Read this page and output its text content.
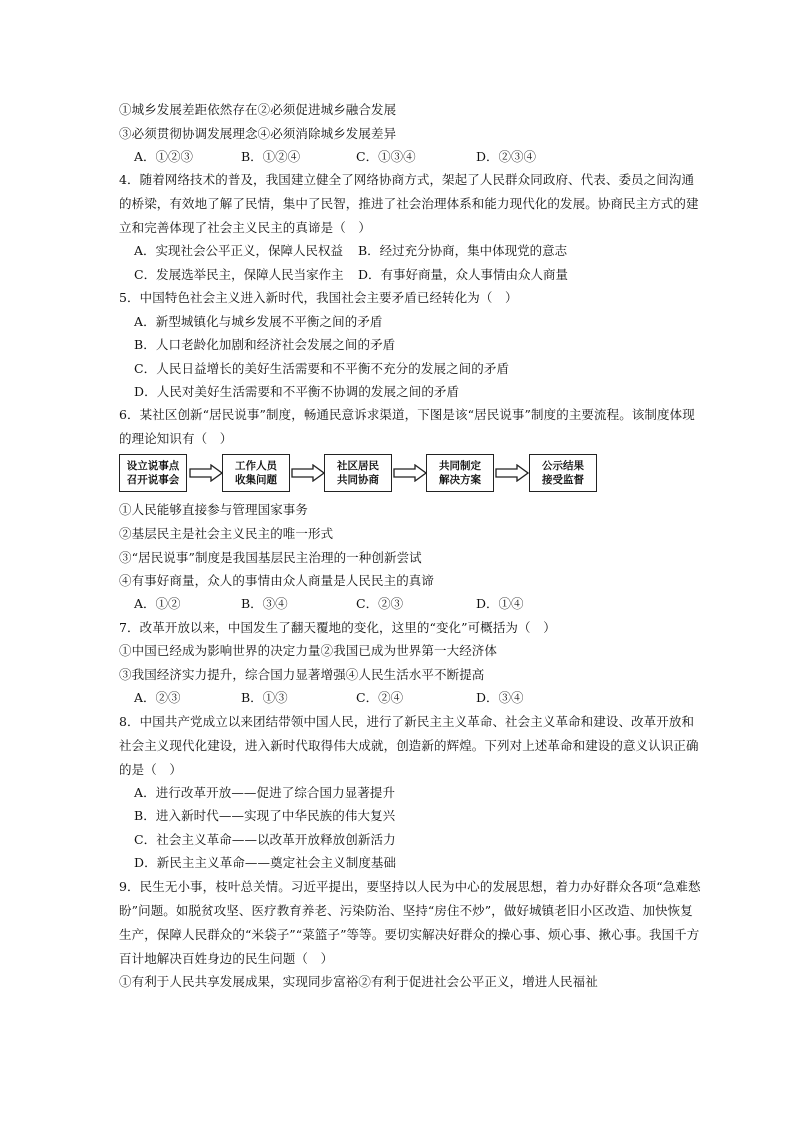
①城乡发展差距依然存在②必须促进城乡融合发展
③必须贯彻协调发展理念④必须消除城乡发展差异
A．①②③	B．①②④	C．①③④	D．②③④
4．随着网络技术的普及，我国建立健全了网络协商方式，架起了人民群众同政府、代表、委员之间沟通
的桥梁，有效地了解了民情，集中了民智，推进了社会治理体系和能力现代化的发展。协商民主方式的建
立和完善体现了社会主义民主的真谛是（　）
A．实现社会公平正义，保障人民权益 B．经过充分协商，集中体现党的意志
C．发展选举民主，保障人民当家作主 D．有事好商量，众人事情由众人商量
5．中国特色社会主义进入新时代，我国社会主要矛盾已经转化为（　）
A．新型城镇化与城乡发展不平衡之间的矛盾
B．人口老龄化加剧和经济社会发展之间的矛盾
C．人民日益增长的美好生活需要和不平衡不充分的发展之间的矛盾
D．人民对美好生活需要和不平衡不协调的发展之间的矛盾
6．某社区创新“居民说事”制度，畅通民意诉求渠道，下图是该“居民说事”制度的主要流程。该制度体现
的理论知识有（　）
设立说事点
召开说事会
工作人员
收集问题
社区居民
共同协商
共同制定
解决方案
公示结果
接受监督
①人民能够直接参与管理国家事务
②基层民主是社会主义民主的唯一形式
③“居民说事”制度是我国基层民主治理的一种创新尝试
④有事好商量，众人的事情由众人商量是人民民主的真谛
A．①②	B．③④	C．②③	D．①④
7．改革开放以来，中国发生了翻天覆地的变化，这里的“变化”可概括为（　）
①中国已经成为影响世界的决定力量②我国已成为世界第一大经济体
③我国经济实力提升，综合国力显著增强④人民生活水平不断提高
A．②③	B．①③	C．②④	D．③④
8．中国共产党成立以来团结带领中国人民，进行了新民主主义革命、社会主义革命和建设、改革开放和
社会主义现代化建设，进入新时代取得伟大成就，创造新的辉煌。下列对上述革命和建设的意义认识正确
的是（　）
A．进行改革开放——促进了综合国力显著提升
B．进入新时代——实现了中华民族的伟大复兴
C．社会主义革命——以改革开放释放创新活力
D．新民主主义革命——奠定社会主义制度基础
9．民生无小事，枝叶总关情。习近平提出，要坚持以人民为中心的发展思想，着力办好群众各项“急难愁
盼”问题。如脱贫攻坚、医疗教育养老、污染防治、坚持“房住不炒”，做好城镇老旧小区改造、加快恢复
生产，保障人民群众的“米袋子”“菜篮子”等等。要切实解决好群众的操心事、烦心事、揪心事。我国千方
百计地解决百姓身边的民生问题（　）
①有利于人民共享发展成果，实现同步富裕②有利于促进社会公平正义，增进人民福祉
